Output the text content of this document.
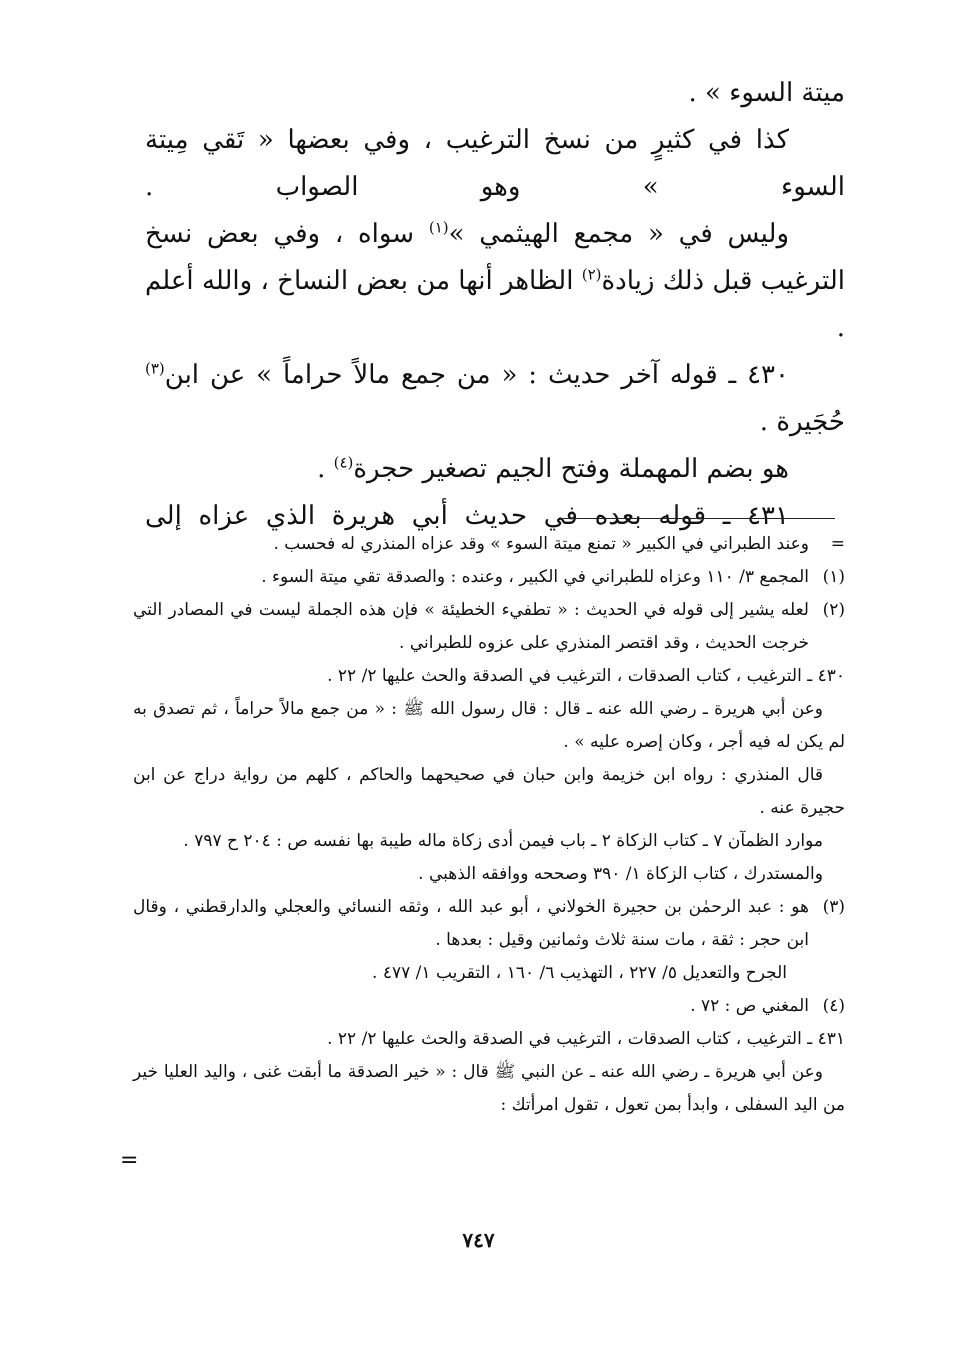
ميتة السوء » .

كذا في كثيرٍ من نسخ الترغيب ، وفي بعضها « تَقي مِيتة السوء » وهو الصواب .

وليس في « مجمع الهيثمي »$^{(١)}$ سواه ، وفي بعض نسخ الترغيب قبل ذلك زيادة$^{(٢)}$ الظاهر أنها من بعض النساخ ، والله أعلم .

٤٣٠ ـ قوله آخر حديث : « من جمع مالاً حراماً » عن ابن$^{(٣)}$ حُجَيرة .

هو بضم المهملة وفتح الجيم تصغير حجرة$^{(٤)}$ .

٤٣١ ـ قوله بعده في حديث أبي هريرة الذي عزاه إلى

=

وعند الطبراني في الكبير « تمنع ميتة السوء » وقد عزاه المنذري له فحسب .

(١)

المجمع ٣/ ١١٠ وعزاه للطبراني في الكبير ، وعنده : والصدقة تقي ميتة السوء .

(٢)

لعله يشير إلى قوله في الحديث : « تطفيء الخطيئة » فإن هذه الجملة ليست في المصادر التي خرجت الحديث ، وقد اقتصر المنذري على عزوه للطبراني .

٤٣٠ ـ الترغيب ، كتاب الصدقات ، الترغيب في الصدقة والحث عليها ٢/ ٢٢ .

وعن أبي هريرة ـ رضي الله عنه ـ قال : قال رسول الله ﷺ : « من جمع مالاً حراماً ، ثم تصدق به لم يكن له فيه أجر ، وكان إصره عليه » .

قال المنذري : رواه ابن خزيمة وابن حبان في صحيحهما والحاكم ، كلهم من رواية دراج عن ابن حجيرة عنه .

موارد الظمآن ٧ ـ كتاب الزكاة ٢ ـ باب فيمن أدى زكاة ماله طيبة بها نفسه ص : ٢٠٤ ح ٧٩٧ .

والمستدرك ، كتاب الزكاة ١/ ٣٩٠ وصححه ووافقه الذهبي .

(٣)

هو : عبد الرحمٰن بن حجيرة الخولاني ، أبو عبد الله ، وثقه النسائي والعجلي والدارقطني ، وقال ابن حجر : ثقة ، مات سنة ثلاث وثمانين وقيل : بعدها .

الجرح والتعديل ٥/ ٢٢٧ ، التهذيب ٦/ ١٦٠ ، التقريب ١/ ٤٧٧ .

(٤)

المغني ص : ٧٢ .

٤٣١ ـ الترغيب ، كتاب الصدقات ، الترغيب في الصدقة والحث عليها ٢/ ٢٢ .

وعن أبي هريرة ـ رضي الله عنه ـ عن النبي ﷺ قال : « خير الصدقة ما أبقت غنى ، واليد العليا خير من اليد السفلى ، وابدأ بمن تعول ، تقول امرأتك :

=
٧٤٧
